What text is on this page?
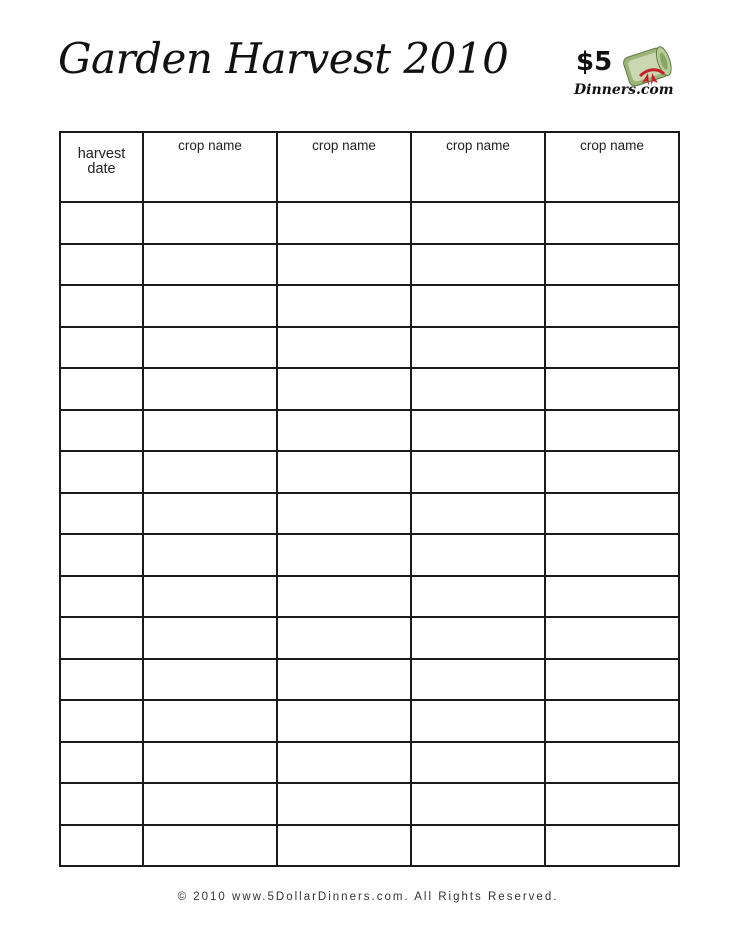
Garden Harvest 2010	$5
Dinners.com
harvest
date	crop name	crop name	crop name	crop name

© 2010 www.5DollarDinners.com. All Rights Reserved.
